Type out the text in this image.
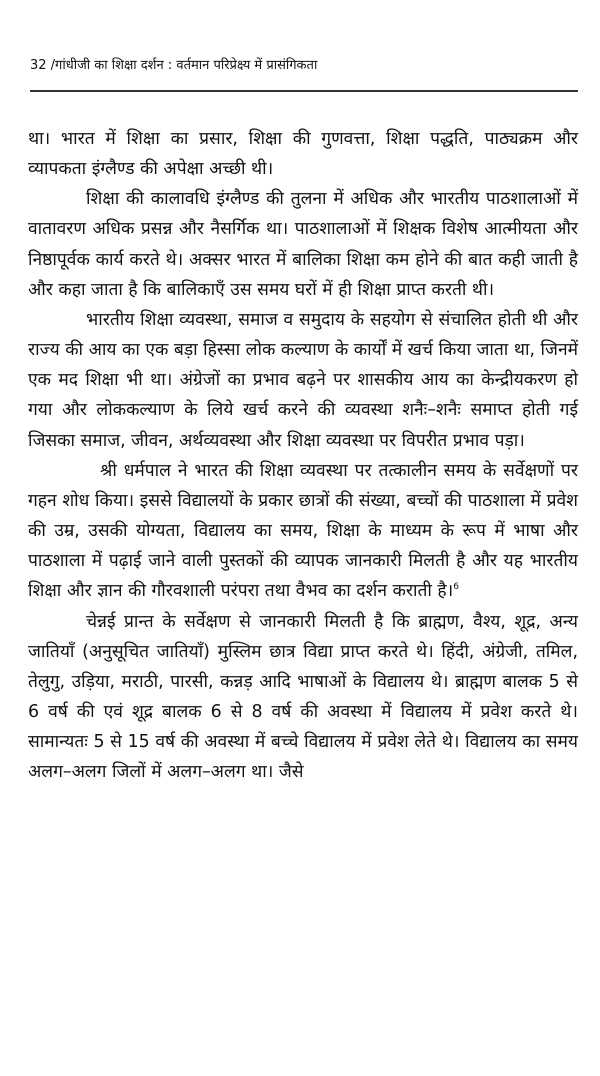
32 /गांधीजी का शिक्षा दर्शन : वर्तमान परिप्रेक्ष्य में प्रासंगिकता

था। भारत में शिक्षा का प्रसार, शिक्षा की गुणवत्ता, शिक्षा पद्धति, पाठ्यक्रम और व्यापकता इंग्लैण्ड की अपेक्षा अच्छी थी।

शिक्षा की कालावधि इंग्लैण्ड की तुलना में अधिक और भारतीय पाठशालाओं में वातावरण अधिक प्रसन्न और नैसर्गिक था। पाठशालाओं में शिक्षक विशेष आत्मीयता और निष्ठापूर्वक कार्य करते थे। अक्सर भारत में बालिका शिक्षा कम होने की बात कही जाती है और कहा जाता है कि बालिकाएँ उस समय घरों में ही शिक्षा प्राप्त करती थी।

भारतीय शिक्षा व्यवस्था, समाज व समुदाय के सहयोग से संचालित होती थी और राज्य की आय का एक बड़ा हिस्सा लोक कल्याण के कार्यों में खर्च किया जाता था, जिनमें एक मद शिक्षा भी था। अंग्रेजों का प्रभाव बढ़ने पर शासकीय आय का केन्द्रीयकरण हो गया और लोककल्याण के लिये खर्च करने की व्यवस्था शनैः–शनैः समाप्त होती गई जिसका समाज, जीवन, अर्थव्यवस्था और शिक्षा व्यवस्था पर विपरीत प्रभाव पड़ा।

श्री धर्मपाल ने भारत की शिक्षा व्यवस्था पर तत्कालीन समय के सर्वेक्षणों पर गहन शोध किया। इससे विद्यालयों के प्रकार छात्रों की संख्या, बच्चों की पाठशाला में प्रवेश की उम्र, उसकी योग्यता, विद्यालय का समय, शिक्षा के माध्यम के रूप में भाषा और पाठशाला में पढ़ाई जाने वाली पुस्तकों की व्यापक जानकारी मिलती है और यह भारतीय शिक्षा और ज्ञान की गौरवशाली परंपरा तथा वैभव का दर्शन कराती है।$^6$

चेन्नई प्रान्त के सर्वेक्षण से जानकारी मिलती है कि ब्राह्मण, वैश्य, शूद्र, अन्य जातियाँ (अनुसूचित जातियाँ) मुस्लिम छात्र विद्या प्राप्त करते थे। हिंदी, अंग्रेजी, तमिल, तेलुगु, उड़िया, मराठी, पारसी, कन्नड़ आदि भाषाओं के विद्यालय थे। ब्राह्मण बालक 5 से 6 वर्ष की एवं शूद्र बालक 6 से 8 वर्ष की अवस्था में विद्यालय में प्रवेश करते थे। सामान्यतः 5 से 15 वर्ष की अवस्था में बच्चे विद्यालय में प्रवेश लेते थे। विद्यालय का समय अलग–अलग जिलों में अलग–अलग था। जैसे
